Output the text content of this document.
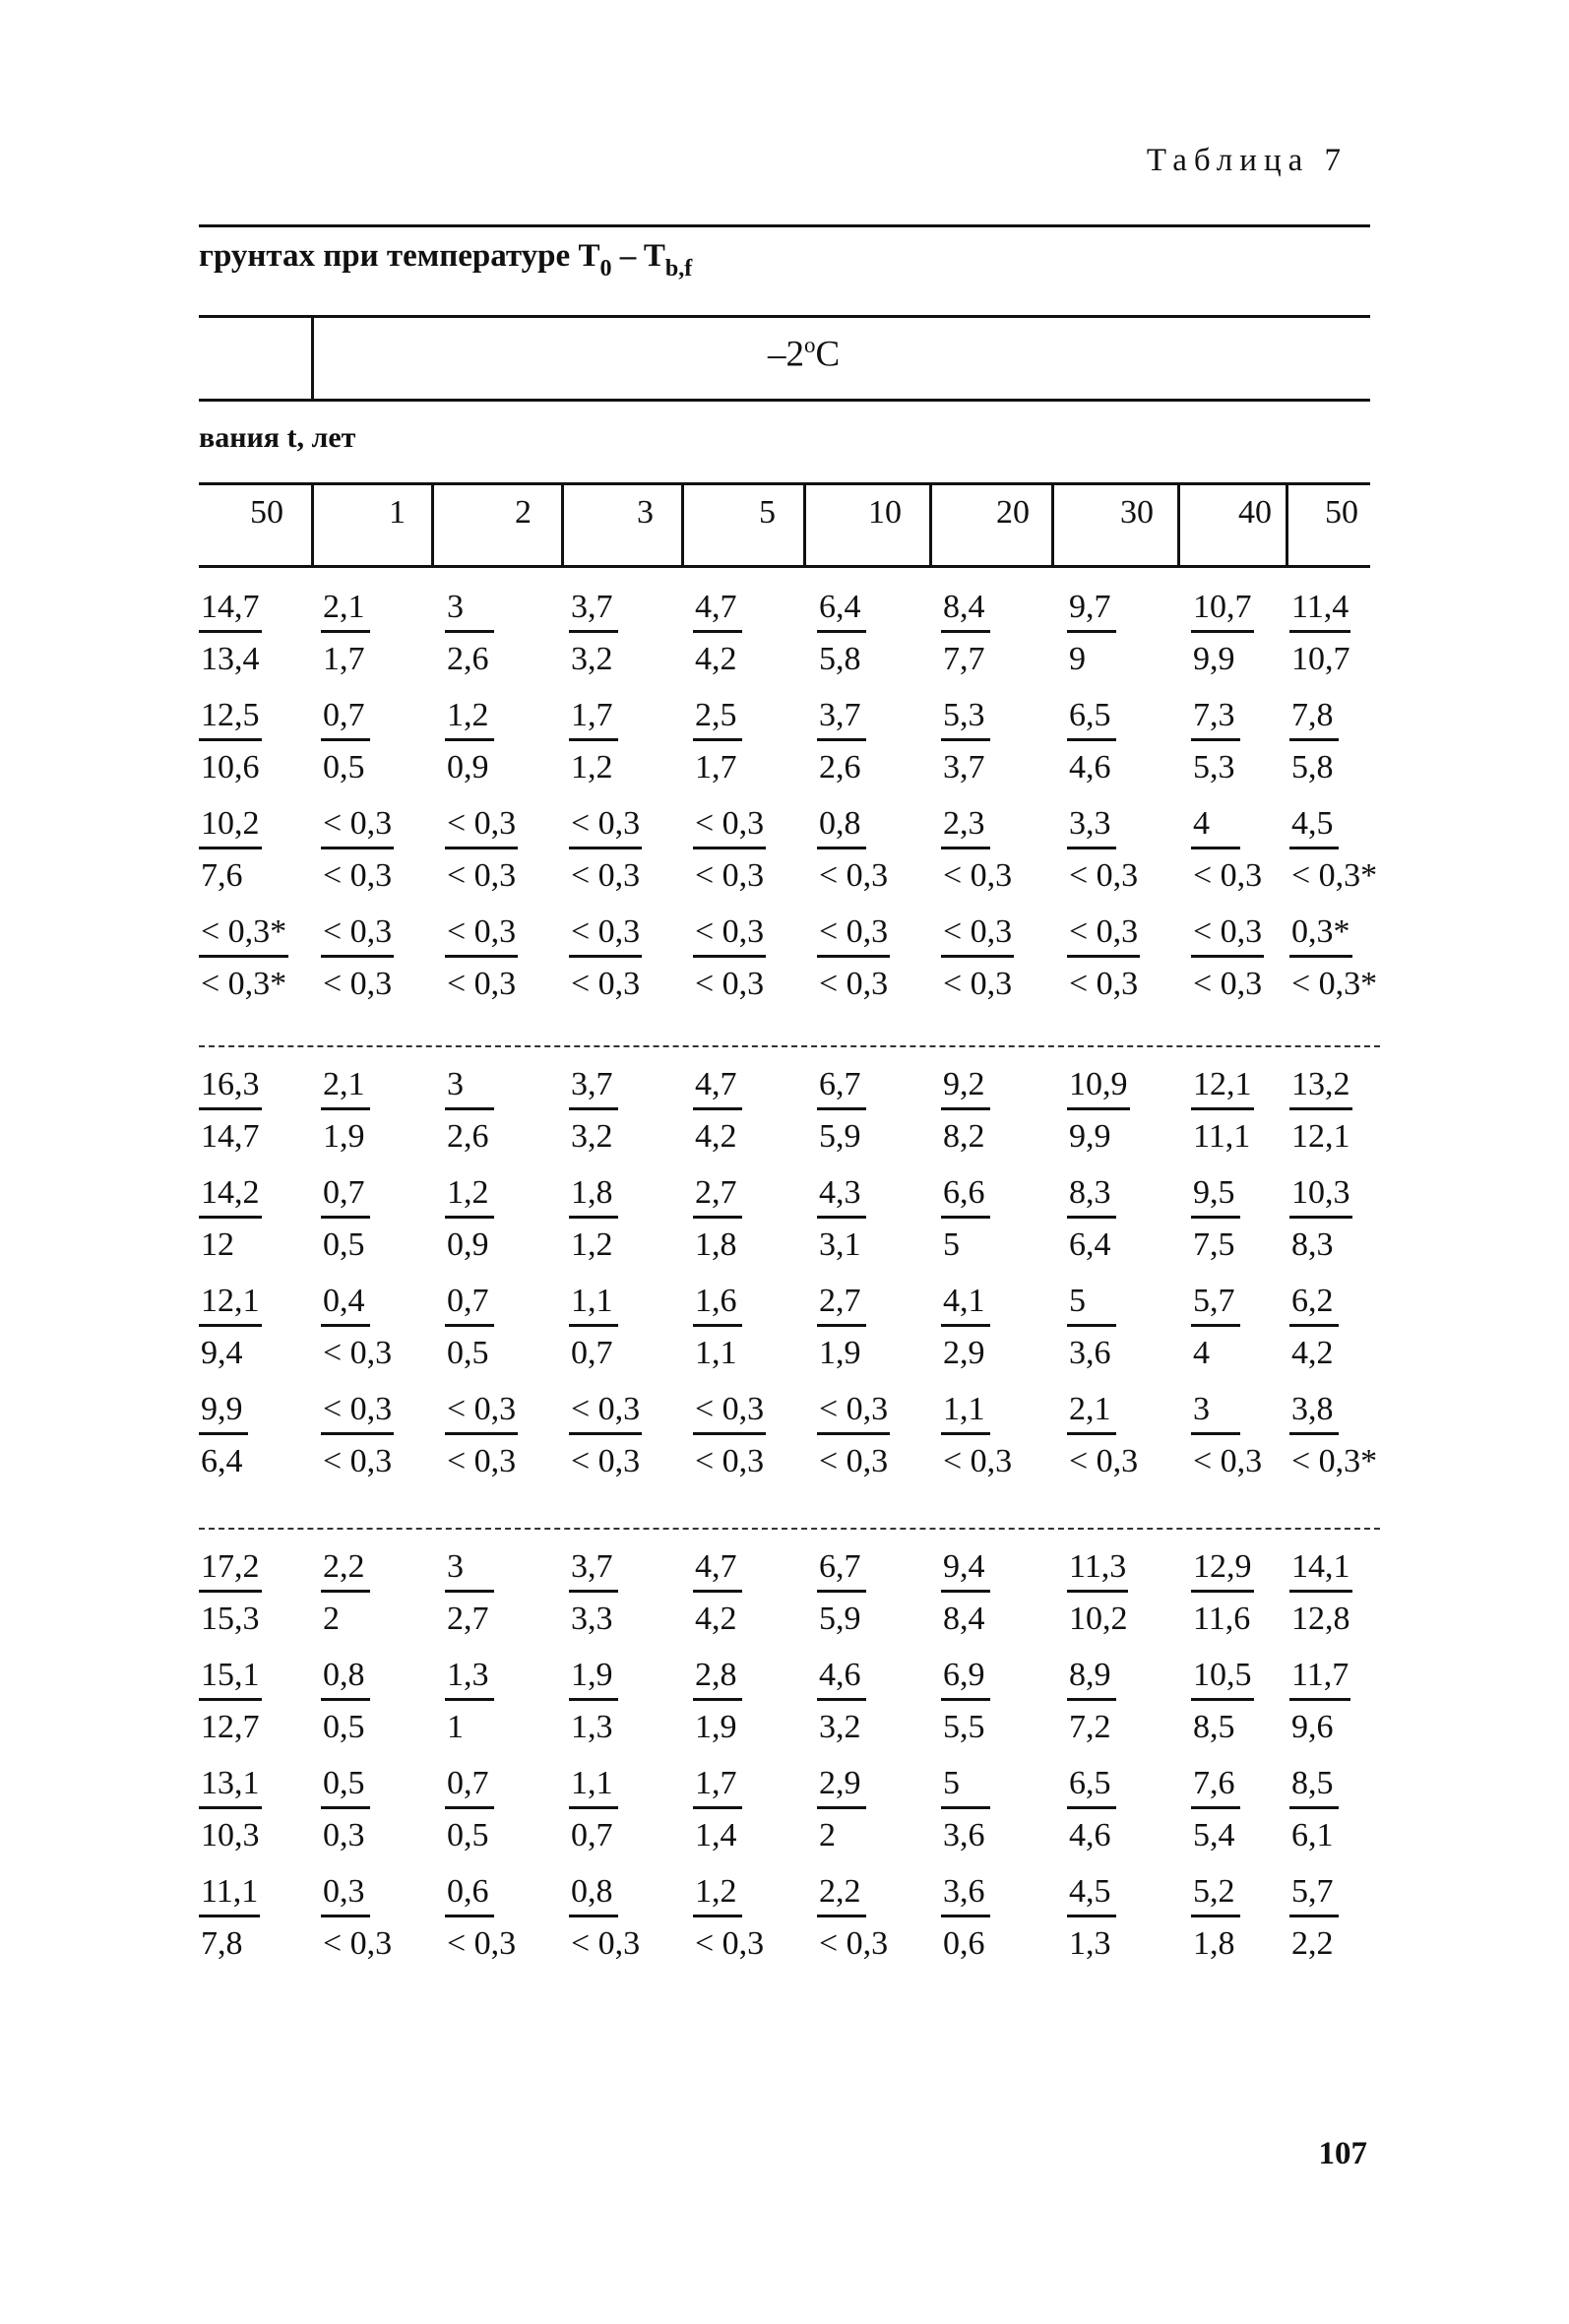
Таблица 7
грунтах при температуре $T_0 - T_{b,f}$
–2$^o$C
вания t, лет
50	1	2	3	5	10	20	30	40	50
$\frac{14,7}{13,4} \frac{2,1}{1,7} \frac{3}{2,6} \frac{3,7}{3,2} \frac{4,7}{4,2} \frac{6,4}{5,8} \frac{8,4}{7,7} \frac{9,7}{9} \frac{10,7}{9,9} \frac{11,4}{10,7}$
$\frac{12,5}{10,6} \frac{0,7}{0,5} \frac{1,2}{0,9} \frac{1,7}{1,2} \frac{2,5}{1,7} \frac{3,7}{2,6} \frac{5,3}{3,7} \frac{6,5}{4,6} \frac{7,3}{5,3} \frac{7,8}{5,8}$
$\frac{10,2}{7,6} \frac{< 0,3}{< 0,3} \frac{< 0,3}{< 0,3} \frac{< 0,3}{< 0,3} \frac{< 0,3}{< 0,3} \frac{0,8}{< 0,3} \frac{2,3}{< 0,3} \frac{3,3}{< 0,3} \frac{4}{< 0,3} \frac{4,5}{< 0,3*}$
$\frac{< 0,3*}{< 0,3*} \frac{< 0,3}{< 0,3} \frac{< 0,3}{< 0,3} \frac{< 0,3}{< 0,3} \frac{< 0,3}{< 0,3} \frac{< 0,3}{< 0,3} \frac{< 0,3}{< 0,3} \frac{< 0,3}{< 0,3} \frac{< 0,3}{< 0,3} \frac{0,3*}{< 0,3*}$
$\frac{16,3}{14,7} \frac{2,1}{1,9} \frac{3}{2,6} \frac{3,7}{3,2} \frac{4,7}{4,2} \frac{6,7}{5,9} \frac{9,2}{8,2} \frac{10,9}{9,9} \frac{12,1}{11,1} \frac{13,2}{12,1}$
$\frac{14,2}{12} \frac{0,7}{0,5} \frac{1,2}{0,9} \frac{1,8}{1,2} \frac{2,7}{1,8} \frac{4,3}{3,1} \frac{6,6}{5} \frac{8,3}{6,4} \frac{9,5}{7,5} \frac{10,3}{8,3}$
$\frac{12,1}{9,4} \frac{0,4}{< 0,3} \frac{0,7}{0,5} \frac{1,1}{0,7} \frac{1,6}{1,1} \frac{2,7}{1,9} \frac{4,1}{2,9} \frac{5}{3,6} \frac{5,7}{4} \frac{6,2}{4,2}$
$\frac{9,9}{6,4} \frac{< 0,3}{< 0,3} \frac{< 0,3}{< 0,3} \frac{< 0,3}{< 0,3} \frac{< 0,3}{< 0,3} \frac{< 0,3}{< 0,3} \frac{1,1}{< 0,3} \frac{2,1}{< 0,3} \frac{3}{< 0,3} \frac{3,8}{< 0,3*}$
$\frac{17,2}{15,3} \frac{2,2}{2} \frac{3}{2,7} \frac{3,7}{3,3} \frac{4,7}{4,2} \frac{6,7}{5,9} \frac{9,4}{8,4} \frac{11,3}{10,2} \frac{12,9}{11,6} \frac{14,1}{12,8}$
$\frac{15,1}{12,7} \frac{0,8}{0,5} \frac{1,3}{1} \frac{1,9}{1,3} \frac{2,8}{1,9} \frac{4,6}{3,2} \frac{6,9}{5,5} \frac{8,9}{7,2} \frac{10,5}{8,5} \frac{11,7}{9,6}$
$\frac{13,1}{10,3} \frac{0,5}{0,3} \frac{0,7}{0,5} \frac{1,1}{0,7} \frac{1,7}{1,4} \frac{2,9}{2} \frac{5}{3,6} \frac{6,5}{4,6} \frac{7,6}{5,4} \frac{8,5}{6,1}$
$\frac{11,1}{7,8} \frac{0,3}{< 0,3} \frac{0,6}{< 0,3} \frac{0,8}{< 0,3} \frac{1,2}{< 0,3} \frac{2,2}{< 0,3} \frac{3,6}{0,6} \frac{4,5}{1,3} \frac{5,2}{1,8} \frac{5,7}{2,2}$
107
